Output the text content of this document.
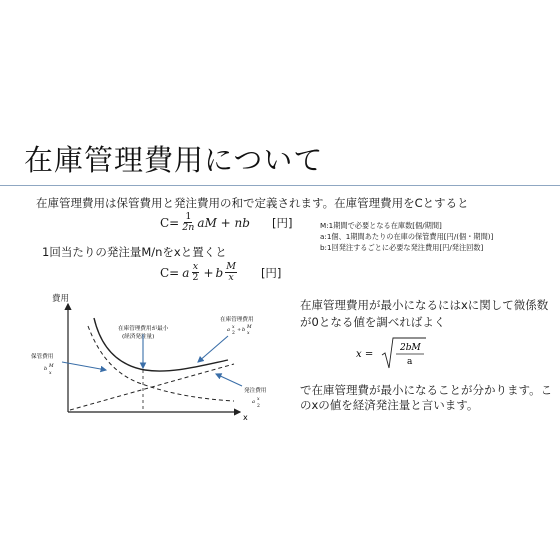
在庫管理費用について
在庫管理費用は保管費用と発注費用の和で定義されます。在庫管理費用をCとすると
$C= \frac{1}{2n}$ aM + nb [円]	M:1期間で必要となる在庫数[個/期間]
a:1個、1期間あたりの在庫の保管費用[円/(個・期間)]
b:1回発注するごとに必要な発注費用[円/発注回数]
1回当たりの発注量M/nをxと置くと
C= a $\frac{x}{2} + b \frac{M}{x}$ [円]
費用
在庫管理費用が最小
(経済発注量)
在庫管理費用
a x
2
+ b M
x
保管費用
b M
x
発注費用
a x
2
x
在庫管理費用が最小になるにはxに関して微係数が0となる値を調べればよく
x =
2bM
a
で在庫管理費が最小になることが分かります。このxの値を経済発注量と言います。
